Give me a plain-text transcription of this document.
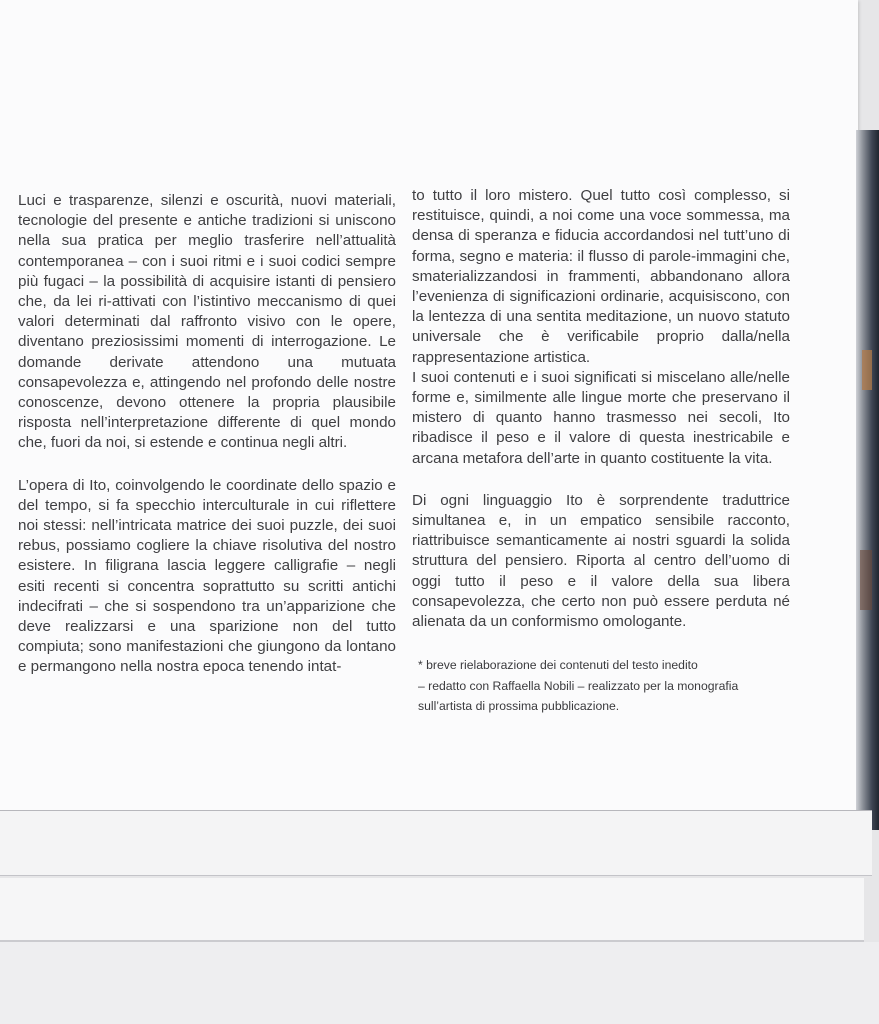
Luci e trasparenze, silenzi e oscurità, nuovi materiali, tecnologie del presente e antiche tradizioni si uniscono nella sua pratica per meglio trasferire nell’attualità contemporanea – con i suoi ritmi e i suoi codici sempre più fugaci – la possibilità di acquisire istanti di pensiero che, da lei ri-attivati con l’istintivo meccanismo di quei valori determinati dal raffronto visivo con le opere, diventano preziosissimi momenti di interrogazione. Le domande derivate attendono una mutuata consapevolezza e, attingendo nel profondo delle nostre conoscenze, devono ottenere la propria plausibile risposta nell’interpretazione differente di quel mondo che, fuori da noi, si estende e continua negli altri.

L’opera di Ito, coinvolgendo le coordinate dello spazio e del tempo, si fa specchio interculturale in cui riflettere noi stessi: nell’intricata matrice dei suoi puzzle, dei suoi rebus, possiamo cogliere la chiave risolutiva del nostro esistere. In filigrana lascia leggere calligrafie – negli esiti recenti si concentra soprattutto su scritti antichi indecifrati – che si sospendono tra un’apparizione che deve realizzarsi e una sparizione non del tutto compiuta; sono manifestazioni che giungono da lontano e permangono nella nostra epoca tenendo intat-

to tutto il loro mistero. Quel tutto così complesso, si restituisce, quindi, a noi come una voce sommessa, ma densa di speranza e fiducia accordandosi nel tutt’uno di forma, segno e materia: il flusso di parole-immagini che, smaterializzandosi in frammenti, abbandonano allora l’evenienza di significazioni ordinarie, acquisiscono, con la lentezza di una sentita meditazione, un nuovo statuto universale che è verificabile proprio dalla/nella rappresentazione artistica.

I suoi contenuti e i suoi significati si miscelano alle/nelle forme e, similmente alle lingue morte che preservano il mistero di quanto hanno trasmesso nei secoli, Ito ribadisce il peso e il valore di questa inestricabile e arcana metafora dell’arte in quanto costituente la vita.

Di ogni linguaggio Ito è sorprendente traduttrice simultanea e, in un empatico sensibile racconto, riattribuisce semanticamente ai nostri sguardi la solida struttura del pensiero. Riporta al centro dell’uomo di oggi tutto il peso e il valore della sua libera consapevolezza, che certo non può essere perduta né alienata da un conformismo omologante.

* breve rielaborazione dei contenuti del testo inedito

– redatto con Raffaella Nobili – realizzato per la monografia

sull’artista di prossima pubblicazione.
